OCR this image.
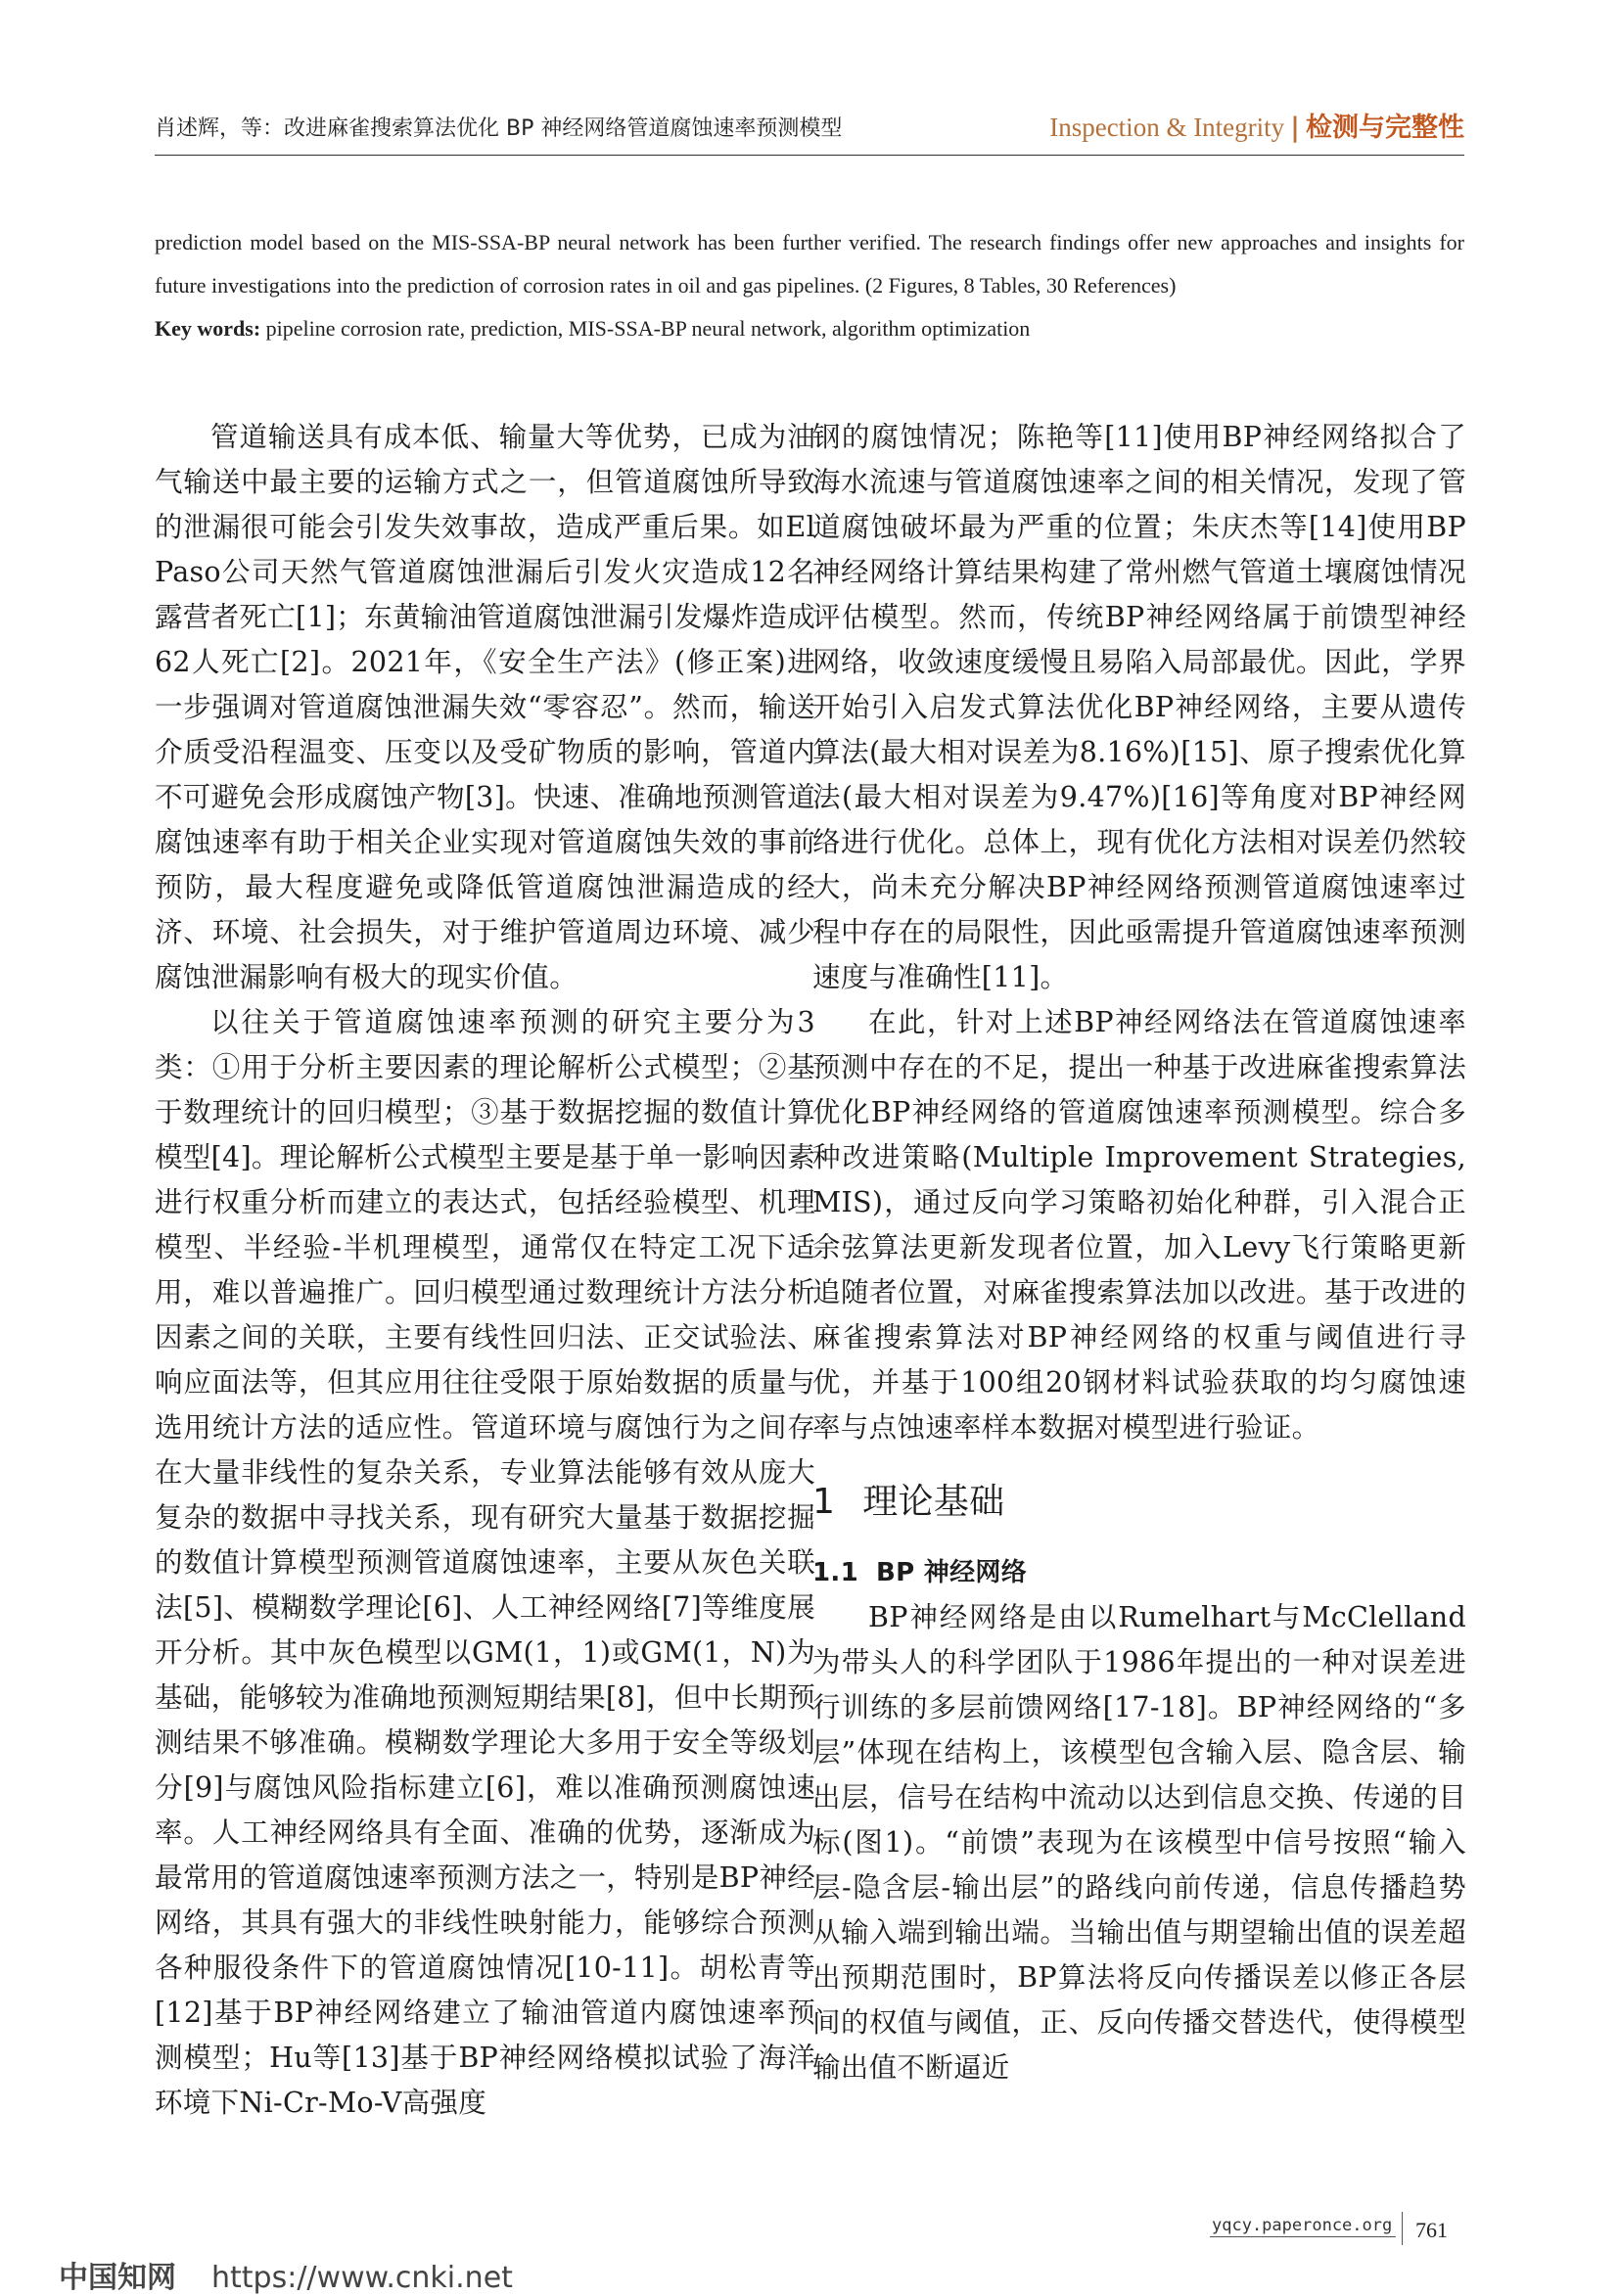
肖述辉，等：改进麻雀搜索算法优化 BP 神经网络管道腐蚀速率预测模型	Inspection & Integrity | 检测与完整性

prediction model based on the MIS-SSA-BP neural network has been further verified. The research findings offer new approaches and insights for future investigations into the prediction of corrosion rates in oil and gas pipelines. (2 Figures, 8 Tables, 30 References)

Key words: pipeline corrosion rate, prediction, MIS-SSA-BP neural network, algorithm optimization

管道输送具有成本低、输量大等优势，已成为油气输送中最主要的运输方式之一，但管道腐蚀所导致的泄漏很可能会引发失效事故，造成严重后果。如El Paso公司天然气管道腐蚀泄漏后引发火灾造成12名露营者死亡[1]；东黄输油管道腐蚀泄漏引发爆炸造成62人死亡[2]。2021年，《安全生产法》(修正案)进一步强调对管道腐蚀泄漏失效“零容忍”。然而，输送介质受沿程温变、压变以及受矿物质的影响，管道内不可避免会形成腐蚀产物[3]。快速、准确地预测管道腐蚀速率有助于相关企业实现对管道腐蚀失效的事前预防，最大程度避免或降低管道腐蚀泄漏造成的经济、环境、社会损失，对于维护管道周边环境、减少腐蚀泄漏影响有极大的现实价值。

以往关于管道腐蚀速率预测的研究主要分为3类：①用于分析主要因素的理论解析公式模型；②基于数理统计的回归模型；③基于数据挖掘的数值计算模型[4]。理论解析公式模型主要是基于单一影响因素进行权重分析而建立的表达式，包括经验模型、机理模型、半经验-半机理模型，通常仅在特定工况下适用，难以普遍推广。回归模型通过数理统计方法分析因素之间的关联，主要有线性回归法、正交试验法、响应面法等，但其应用往往受限于原始数据的质量与选用统计方法的适应性。管道环境与腐蚀行为之间存在大量非线性的复杂关系，专业算法能够有效从庞大复杂的数据中寻找关系，现有研究大量基于数据挖掘的数值计算模型预测管道腐蚀速率，主要从灰色关联法[5]、模糊数学理论[6]、人工神经网络[7]等维度展开分析。其中灰色模型以GM(1，1)或GM(1，N)为基础，能够较为准确地预测短期结果[8]，但中长期预测结果不够准确。模糊数学理论大多用于安全等级划分[9]与腐蚀风险指标建立[6]，难以准确预测腐蚀速率。人工神经网络具有全面、准确的优势，逐渐成为最常用的管道腐蚀速率预测方法之一，特别是BP神经网络，其具有强大的非线性映射能力，能够综合预测各种服役条件下的管道腐蚀情况[10-11]。胡松青等[12]基于BP神经网络建立了输油管道内腐蚀速率预测模型；Hu等[13]基于BP神经网络模拟试验了海洋环境下Ni-Cr-Mo-V高强度

钢的腐蚀情况；陈艳等[11]使用BP神经网络拟合了海水流速与管道腐蚀速率之间的相关情况，发现了管道腐蚀破坏最为严重的位置；朱庆杰等[14]使用BP神经网络计算结果构建了常州燃气管道土壤腐蚀情况评估模型。然而，传统BP神经网络属于前馈型神经网络，收敛速度缓慢且易陷入局部最优。因此，学界开始引入启发式算法优化BP神经网络，主要从遗传算法(最大相对误差为8.16%)[15]、原子搜索优化算法(最大相对误差为9.47%)[16]等角度对BP神经网络进行优化。总体上，现有优化方法相对误差仍然较大，尚未充分解决BP神经网络预测管道腐蚀速率过程中存在的局限性，因此亟需提升管道腐蚀速率预测速度与准确性[11]。

在此，针对上述BP神经网络法在管道腐蚀速率预测中存在的不足，提出一种基于改进麻雀搜索算法优化BP神经网络的管道腐蚀速率预测模型。综合多种改进策略(Multiple Improvement Strategies, MIS)，通过反向学习策略初始化种群，引入混合正余弦算法更新发现者位置，加入Levy飞行策略更新追随者位置，对麻雀搜索算法加以改进。基于改进的麻雀搜索算法对BP神经网络的权重与阈值进行寻优，并基于100组20钢材料试验获取的均匀腐蚀速率与点蚀速率样本数据对模型进行验证。

1 理论基础
1.1 BP 神经网络

BP神经网络是由以Rumelhart与McClelland为带头人的科学团队于1986年提出的一种对误差进行训练的多层前馈网络[17-18]。BP神经网络的“多层”体现在结构上，该模型包含输入层、隐含层、输出层，信号在结构中流动以达到信息交换、传递的目标(图1)。“前馈”表现为在该模型中信号按照“输入层-隐含层-输出层”的路线向前传递，信息传播趋势从输入端到输出端。当输出值与期望输出值的误差超出预期范围时，BP算法将反向传播误差以修正各层间的权值与阈值，正、反向传播交替迭代，使得模型输出值不断逼近

yqcy.paperonce.org 761
中国知网 https://www.cnki.net
